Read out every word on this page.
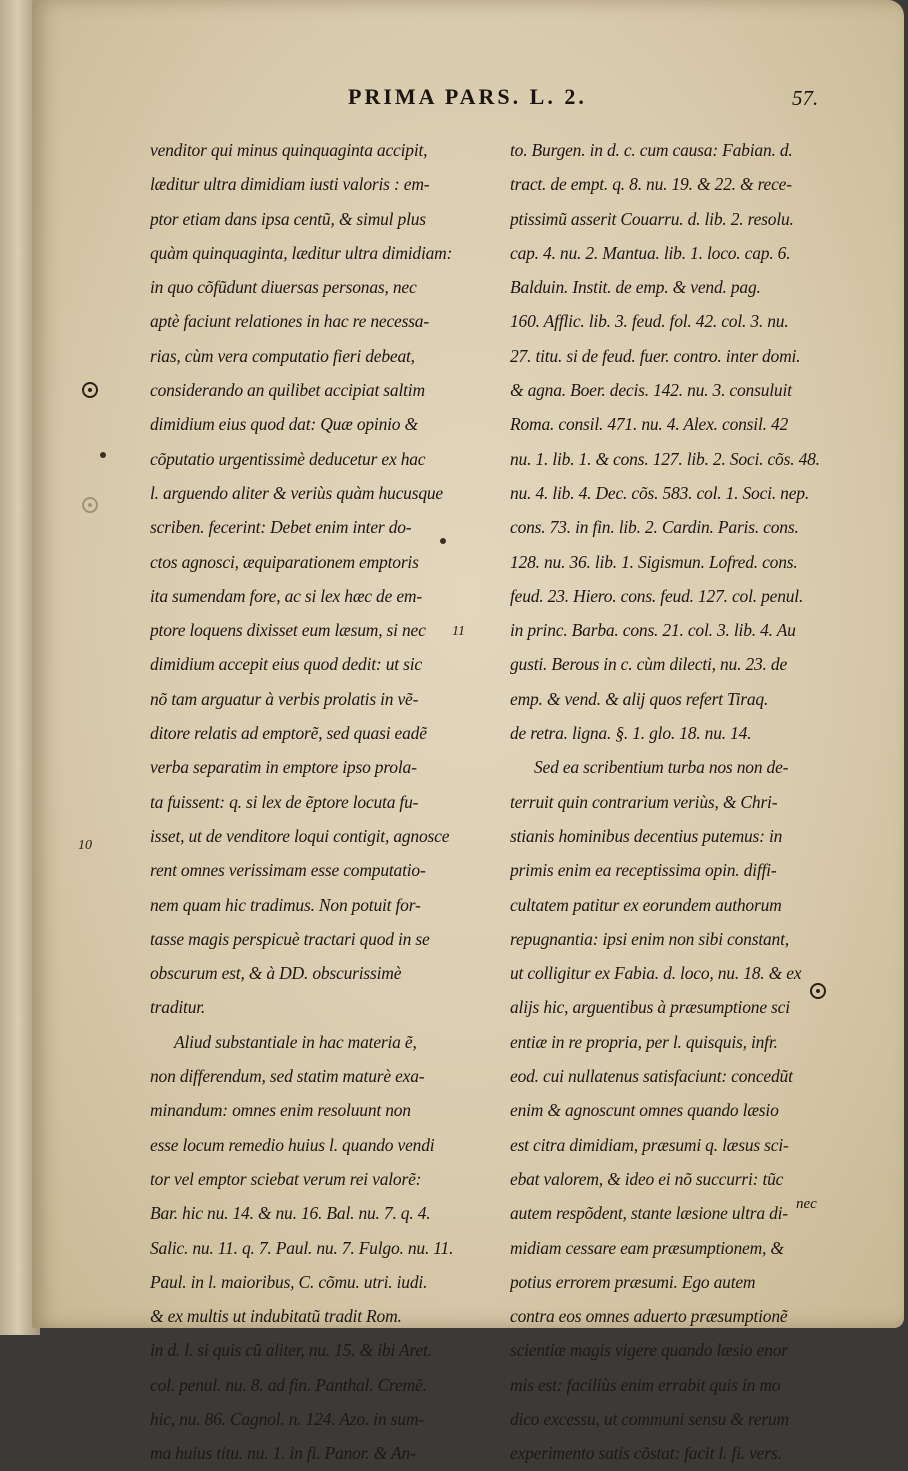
PRIMA PARS. L. 2.	57.
10
11
venditor qui minus quinquaginta accipit,
læditur ultra dimidiam iusti valoris : em-
ptor etiam dans ipsa centũ, & simul plus
quàm quinquaginta, læditur ultra dimidiam:
in quo cõfũdunt diuersas personas, nec
aptè faciunt relationes in hac re necessa-
rias, cùm vera computatio fieri debeat,
considerando an quilibet accipiat saltim
dimidium eius quod dat: Quæ opinio &
cõputatio urgentissimè deducetur ex hac
l. arguendo aliter & veriùs quàm hucusque
scriben. fecerint: Debet enim inter do-
ctos agnosci, æquiparationem emptoris
ita sumendam fore, ac si lex hæc de em-
ptore loquens dixisset eum læsum, si nec
dimidium accepit eius quod dedit: ut sic
nõ tam arguatur à verbis prolatis in vẽ-
ditore relatis ad emptorẽ, sed quasi eadẽ
verba separatim in emptore ipso prola-
ta fuissent: q. si lex de ẽptore locuta fu-
isset, ut de venditore loqui contigit, agnosce
rent omnes verissimam esse computatio-
nem quam hic tradimus. Non potuit for-
tasse magis perspicuè tractari quod in se
obscurum est, & à DD. obscurissimè
traditur.
Aliud substantiale in hac materia ẽ,
non differendum, sed statim maturè exa-
minandum: omnes enim resoluunt non
esse locum remedio huius l. quando vendi
tor vel emptor sciebat verum rei valorẽ:
Bar. hic nu. 14. & nu. 16. Bal. nu. 7. q. 4.
Salic. nu. 11. q. 7. Paul. nu. 7. Fulgo. nu. 11.
Paul. in l. maioribus, C. cõmu. utri. iudi.
& ex multis ut indubitatũ tradit Rom.
in d. l. si quis cũ aliter, nu. 15. & ibi Aret.
col. penul. nu. 8. ad fin. Panthal. Cremẽ.
hic, nu. 86. Cagnol. n. 124. Azo. in sum-
ma huius titu. nu. 1. in fi. Panor. & An-
to. Burgen. in d. c. cum causa: Fabian. d.
tract. de empt. q. 8. nu. 19. & 22. & rece-
ptissimũ asserit Couarru. d. lib. 2. resolu.
cap. 4. nu. 2. Mantua. lib. 1. loco. cap. 6.
Balduin. Instit. de emp. & vend. pag.
160. Afflic. lib. 3. feud. fol. 42. col. 3. nu.
27. titu. si de feud. fuer. contro. inter domi.
& agna. Boer. decis. 142. nu. 3. consuluit
Roma. consil. 471. nu. 4. Alex. consil. 42
nu. 1. lib. 1. & cons. 127. lib. 2. Soci. cõs. 48.
nu. 4. lib. 4. Dec. cõs. 583. col. 1. Soci. nep.
cons. 73. in fin. lib. 2. Cardin. Paris. cons.
128. nu. 36. lib. 1. Sigismun. Lofred. cons.
feud. 23. Hiero. cons. feud. 127. col. penul.
in princ. Barba. cons. 21. col. 3. lib. 4. Au
gusti. Berous in c. cùm dilecti, nu. 23. de
emp. & vend. & alij quos refert Tiraq.
de retra. ligna. §. 1. glo. 18. nu. 14.
Sed ea scribentium turba nos non de-
terruit quin contrarium veriùs, & Chri-
stianis hominibus decentius putemus: in
primis enim ea receptissima opin. diffi-
cultatem patitur ex eorundem authorum
repugnantia: ipsi enim non sibi constant,
ut colligitur ex Fabia. d. loco, nu. 18. & ex
alijs hic, arguentibus à præsumptione sci
entiæ in re propria, per l. quisquis, infr.
eod. cui nullatenus satisfaciunt: concedũt
enim & agnoscunt omnes quando læsio
est citra dimidiam, præsumi q. læsus sci-
ebat valorem, & ideo ei nõ succurri: tũc
autem respõdent, stante læsione ultra di-
midiam cessare eam præsumptionem, &
potius errorem præsumi. Ego autem
contra eos omnes aduerto præsumptionẽ
scientiæ magis vigere quando læsio enor
mis est: faciliùs enim errabit quis in mo
dico excessu, ut communi sensu & rerum
experimento satis cõstat: facit l. fi. vers.
nec
